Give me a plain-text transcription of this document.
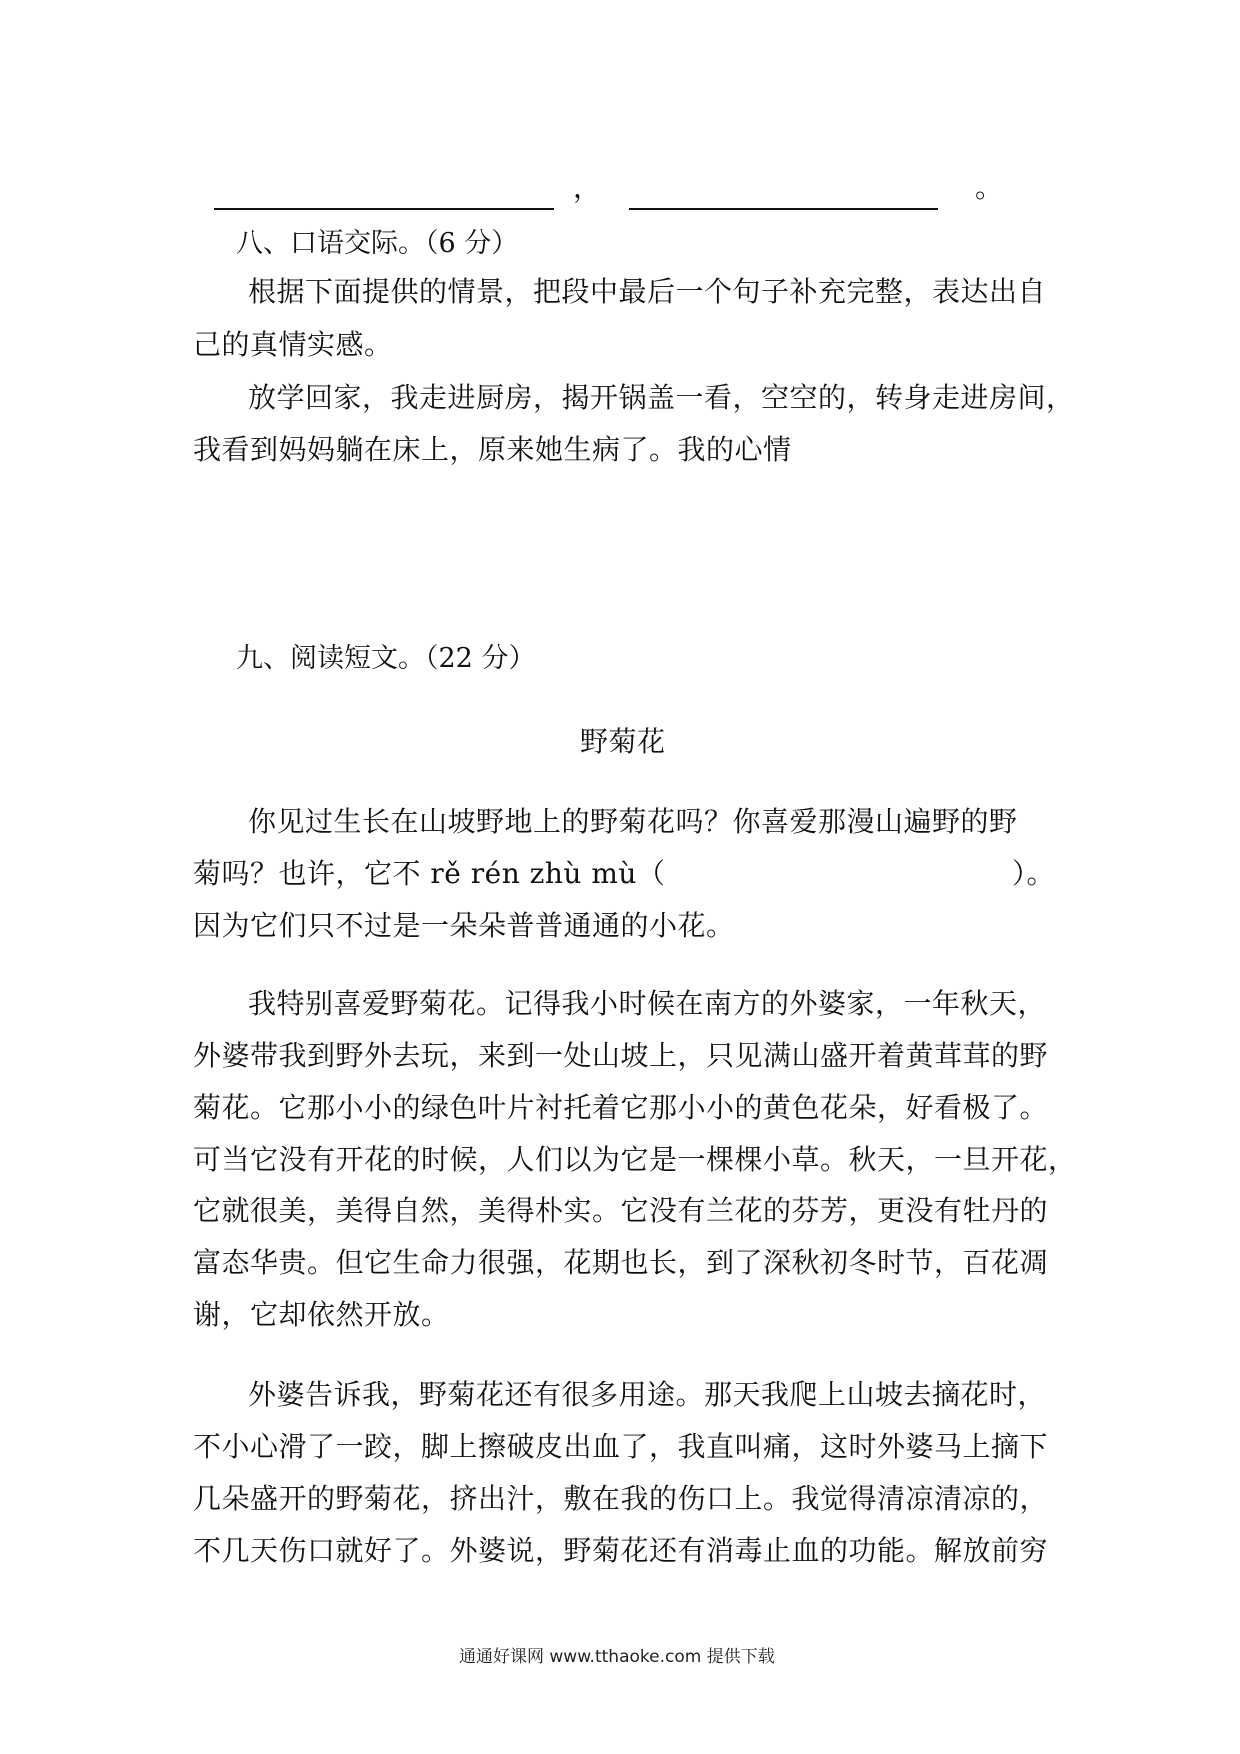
，	。
八、口语交际。（6 分）
根据下面提供的情景，把段中最后一个句子补充完整，表达出自
己的真情实感。
放学回家，我走进厨房，揭开锅盖一看，空空的，转身走进房间，
我看到妈妈躺在床上，原来她生病了。我的心情
九、阅读短文。（22 分）
野菊花
你见过生长在山坡野地上的野菊花吗？你喜爱那漫山遍野的野
菊吗？也许，它不 rě rén zhù mù（	）。
因为它们只不过是一朵朵普普通通的小花。
我特别喜爱野菊花。记得我小时候在南方的外婆家，一年秋天，
外婆带我到野外去玩，来到一处山坡上，只见满山盛开着黄茸茸的野
菊花。它那小小的绿色叶片衬托着它那小小的黄色花朵，好看极了。
可当它没有开花的时候，人们以为它是一棵棵小草。秋天，一旦开花，
它就很美，美得自然，美得朴实。它没有兰花的芬芳，更没有牡丹的
富态华贵。但它生命力很强，花期也长，到了深秋初冬时节，百花凋
谢，它却依然开放。
外婆告诉我，野菊花还有很多用途。那天我爬上山坡去摘花时，
不小心滑了一跤，脚上擦破皮出血了，我直叫痛，这时外婆马上摘下
几朵盛开的野菊花，挤出汁，敷在我的伤口上。我觉得清凉清凉的，
不几天伤口就好了。外婆说，野菊花还有消毒止血的功能。解放前穷
通通好课网 www.tthaoke.com 提供下载
